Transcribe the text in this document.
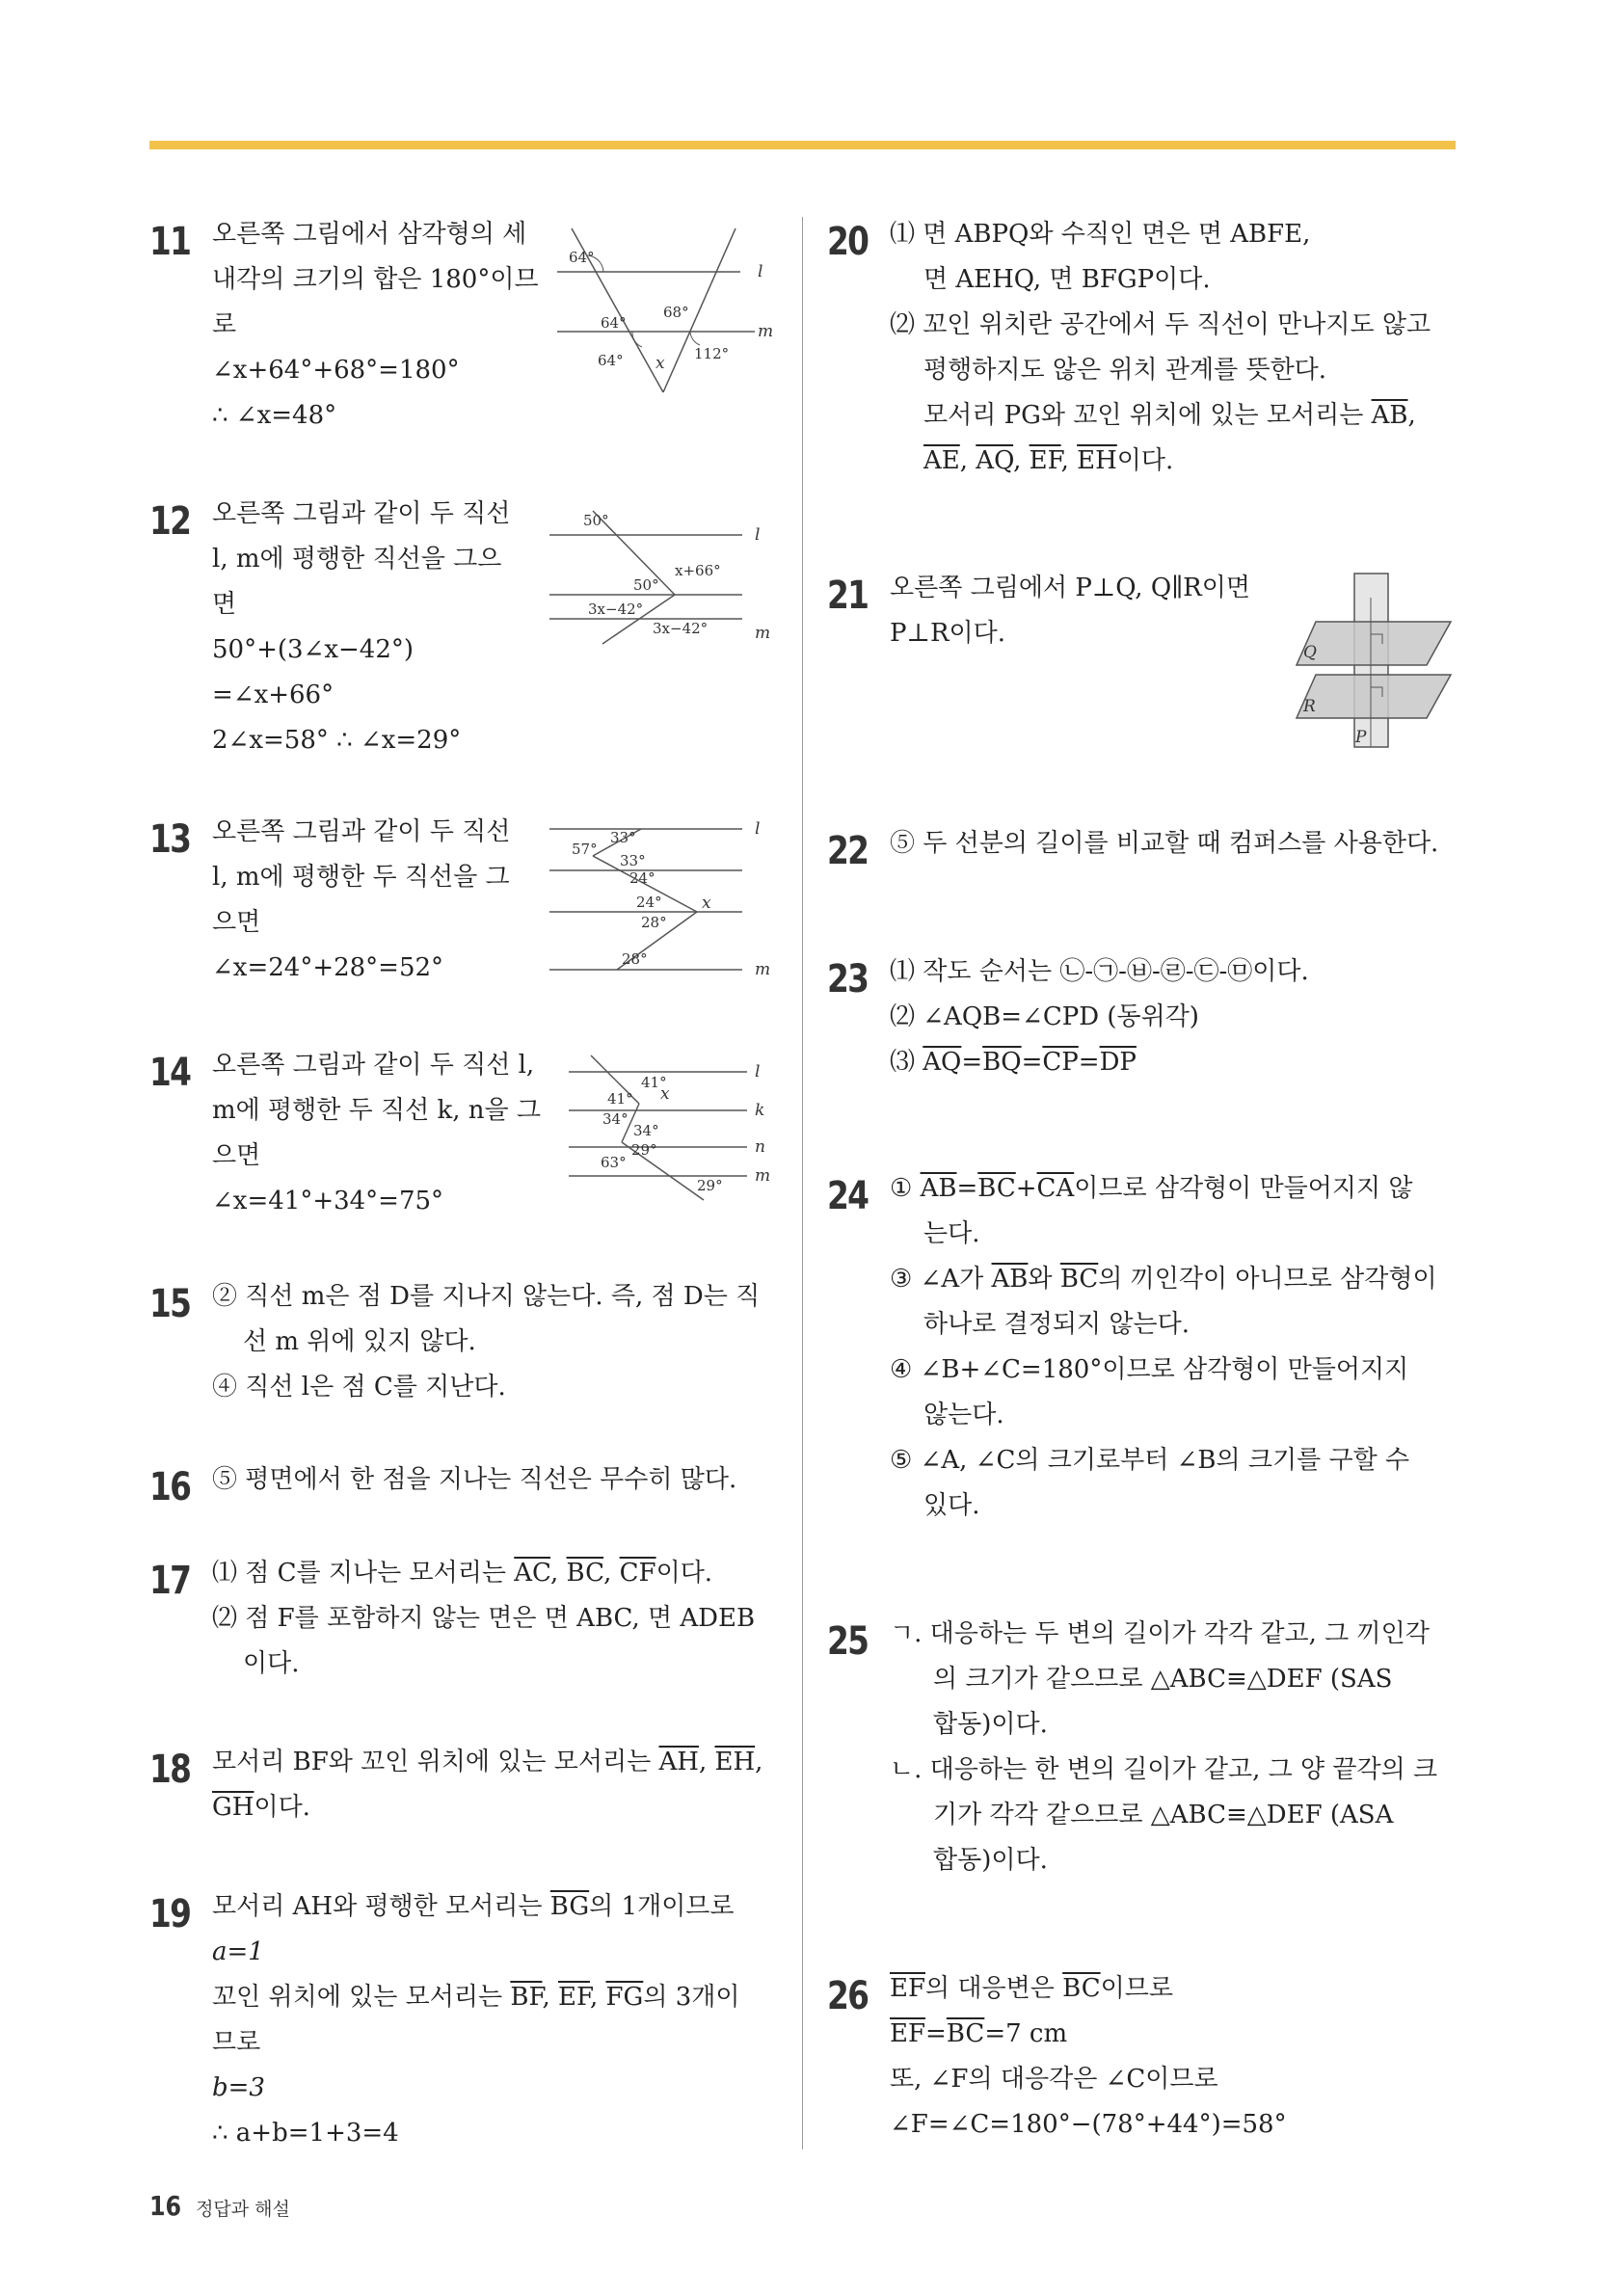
11 오른쪽 그림에서 삼각형의 세
내각의 크기의 합은 180°이므
로
∠x+64°+68°=180°
∴ ∠x=48°
64°
64°
68°
64°	112°
x
l
m
12 오른쪽 그림과 같이 두 직선
l, m에 평행한 직선을 그으
면
50°+(3∠x−42°)
=∠x+66°
2∠x=58° ∴ ∠x=29°
50°
x+66°
50°
3x−42°
3x−42°
l
m
13 오른쪽 그림과 같이 두 직선
l, m에 평행한 두 직선을 그
으면
∠x=24°+28°=52°
33°
57°
33°
24°
24°
28°
28°
x
l
m
14 오른쪽 그림과 같이 두 직선 l,
m에 평행한 두 직선 k, n을 그
으면
∠x=41°+34°=75°
41°
41°
34°
34°
29°
63°
29°
x
l
k
n
m
15 ② 직선 m은 점 D를 지나지 않는다. 즉, 점 D는 직
선 m 위에 있지 않다.
④ 직선 l은 점 C를 지난다.
16 ⑤ 평면에서 한 점을 지나는 직선은 무수히 많다.
17 ⑴ 점 C를 지나는 모서리는 $\overline{AC}$, $\overline{BC}$, $\overline{CF}$이다.
⑵ 점 F를 포함하지 않는 면은 면 ABC, 면 ADEB
이다.
18 모서리 BF와 꼬인 위치에 있는 모서리는 $\overline{AH}$, $\overline{EH}$,
$\overline{GH}$이다.
19 모서리 AH와 평행한 모서리는 $\overline{BG}$의 1개이므로
a=1
꼬인 위치에 있는 모서리는 $\overline{BF}$, $\overline{EF}$, $\overline{FG}$의 3개이
므로
b=3
∴ a+b=1+3=4
20 ⑴ 면 ABPQ와 수직인 면은 면 ABFE,
면 AEHQ, 면 BFGP이다.
⑵ 꼬인 위치란 공간에서 두 직선이 만나지도 않고
평행하지도 않은 위치 관계를 뜻한다.
모서리 PG와 꼬인 위치에 있는 모서리는 $\overline{AB}$,
$\overline{AE}$, $\overline{AQ}$, $\overline{EF}$, $\overline{EH}$이다.
21 오른쪽 그림에서 P⊥Q, Q∥R이면
P⊥R이다.
Q
R
P
22 ⑤ 두 선분의 길이를 비교할 때 컴퍼스를 사용한다.
23 ⑴ 작도 순서는 ㉡-㉠-㉥-㉣-㉢-㉤이다.
⑵ ∠AQB=∠CPD (동위각)
⑶ $\overline{AQ}=\overline{BQ}=\overline{CP}=\overline{DP}$
24 ① $\overline{AB}=\overline{BC}+\overline{CA}$이므로 삼각형이 만들어지지 않
는다.
③ ∠A가 $\overline{AB}$와 $\overline{BC}$의 끼인각이 아니므로 삼각형이
하나로 결정되지 않는다.
④ ∠B+∠C=180°이므로 삼각형이 만들어지지
않는다.
⑤ ∠A, ∠C의 크기로부터 ∠B의 크기를 구할 수
있다.
25 ㄱ. 대응하는 두 변의 길이가 각각 같고, 그 끼인각
의 크기가 같으므로 △ABC≡△DEF (SAS
합동)이다.
ㄴ. 대응하는 한 변의 길이가 같고, 그 양 끝각의 크
기가 각각 같으므로 △ABC≡△DEF (ASA
합동)이다.
26 $\overline{EF}$의 대응변은 $\overline{BC}$이므로
$\overline{EF}=\overline{BC}=7$ cm
또, ∠F의 대응각은 ∠C이므로
∠F=∠C=180°−(78°+44°)=58°
16 정답과 해설
